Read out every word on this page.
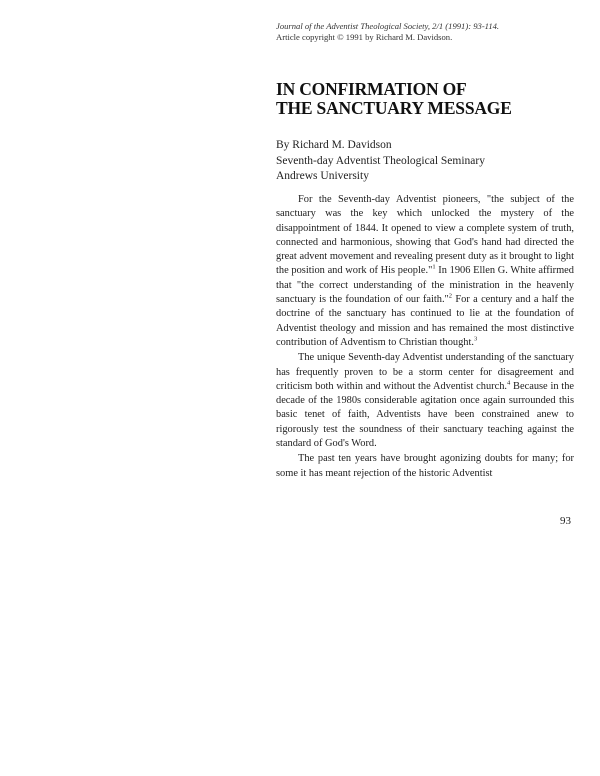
Journal of the Adventist Theological Society, 2/1 (1991): 93-114.
Article copyright © 1991 by Richard M. Davidson.
IN CONFIRMATION OF
THE SANCTUARY MESSAGE
By Richard M. Davidson
Seventh-day Adventist Theological Seminary
Andrews University

For the Seventh-day Adventist pioneers, "the subject of the sanctuary was the key which unlocked the mystery of the disappointment of 1844. It opened to view a complete system of truth, connected and harmonious, showing that God's hand had directed the great advent movement and revealing present duty as it brought to light the position and work of His people."$^1$ In 1906 Ellen G. White affirmed that "the correct understanding of the ministration in the heavenly sanctuary is the foundation of our faith."$^2$ For a century and a half the doctrine of the sanctuary has continued to lie at the foundation of Adventist theology and mission and has remained the most distinctive contribution of Adventism to Christian thought.$^3$

The unique Seventh-day Adventist understanding of the sanctuary has frequently proven to be a storm center for disagreement and criticism both within and without the Adventist church.$^4$ Because in the decade of the 1980s considerable agitation once again surrounded this basic tenet of faith, Adventists have been constrained anew to rigorously test the soundness of their sanctuary teaching against the standard of God's Word.

The past ten years have brought agonizing doubts for many; for some it has meant rejection of the historic Adventist

93
